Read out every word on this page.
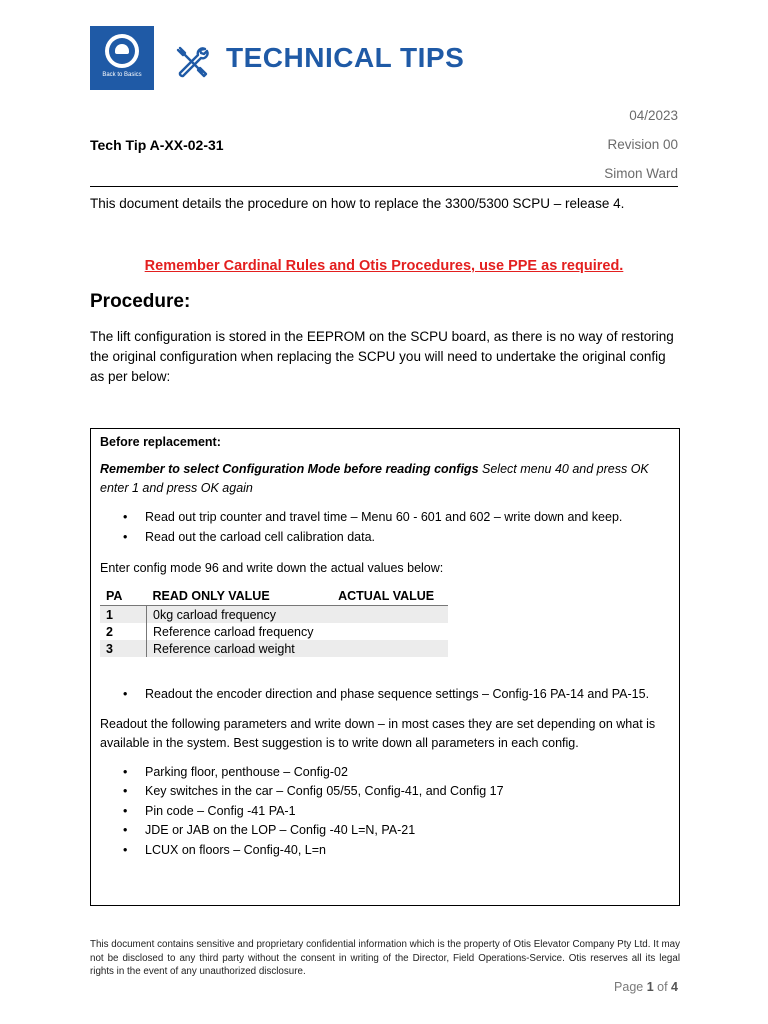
Back to Basics
TECHNICAL TIPS
04/2023
Revision 00
Simon Ward
Tech Tip A-XX-02-31
This document details the procedure on how to replace the 3300/5300 SCPU – release 4.
Remember Cardinal Rules and Otis Procedures, use PPE as required.
Procedure:
The lift configuration is stored in the EEPROM on the SCPU board, as there is no way of restoring the original configuration when replacing the SCPU you will need to undertake the original config as per below:
Before replacement:
Remember to select Configuration Mode before reading configs Select menu 40 and press OK enter 1 and press OK again
• Read out trip counter and travel time – Menu 60 - 601 and 602 – write down and keep.
• Read out the carload cell calibration data.
Enter config mode 96 and write down the actual values below:
PA	READ ONLY VALUE	ACTUAL VALUE
1	0kg carload frequency	
2	Reference carload frequency	
3	Reference carload weight	
• Readout the encoder direction and phase sequence settings – Config-16 PA-14 and PA-15.
Readout the following parameters and write down – in most cases they are set depending on what is available in the system. Best suggestion is to write down all parameters in each config.
• Parking floor, penthouse – Config-02
• Key switches in the car – Config 05/55, Config-41, and Config 17
• Pin code – Config -41 PA-1
• JDE or JAB on the LOP – Config -40 L=N, PA-21
• LCUX on floors – Config-40, L=n
This document contains sensitive and proprietary confidential information which is the property of Otis Elevator Company Pty Ltd. It may not be disclosed to any third party without the consent in writing of the Director, Field Operations-Service. Otis reserves all its legal rights in the event of any unauthorized disclosure.
Page 1 of 4
